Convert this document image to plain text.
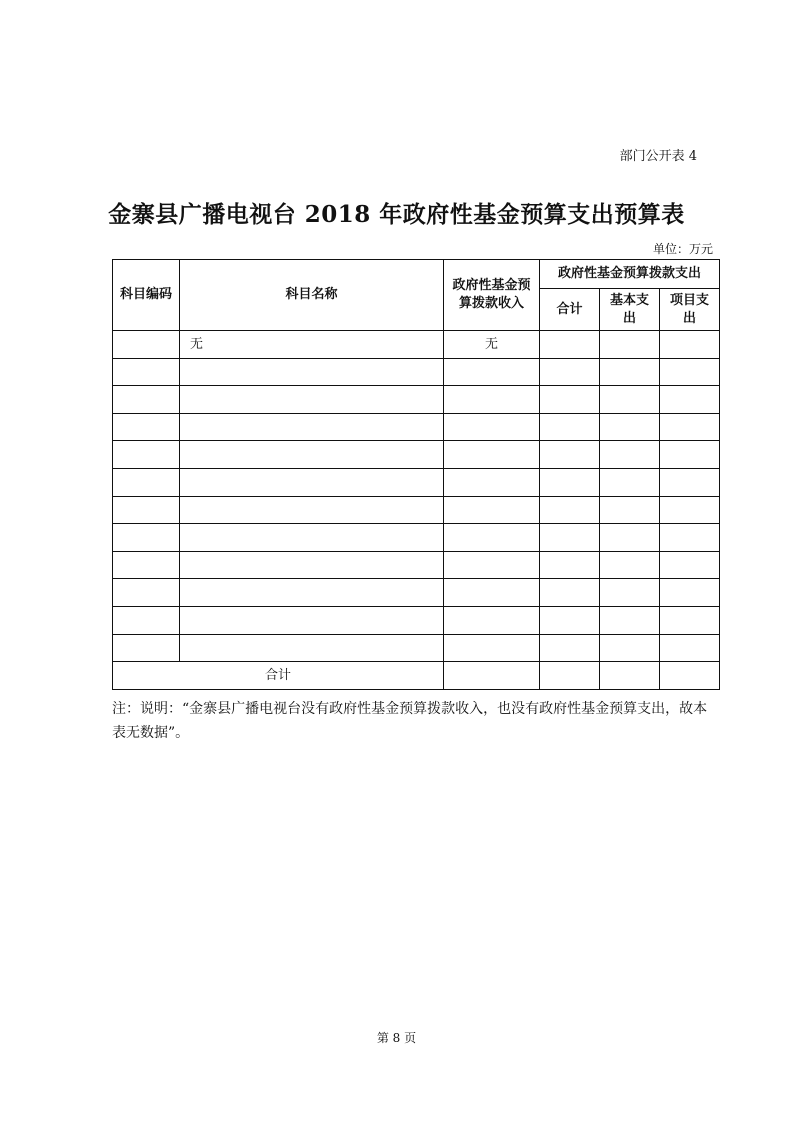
部门公开表 4
金寨县广播电视台 2018 年政府性基金预算支出预算表
单位：万元
科目编码	科目名称	政府性基金预算拨款收入	政府性基金预算拨款支出		
			合计	基本支出	项目支出
	无	无			

合计					
注：说明：“金寨县广播电视台没有政府性基金预算拨款收入，也没有政府性基金预算支出，故本表无数据”。
第 8 页
